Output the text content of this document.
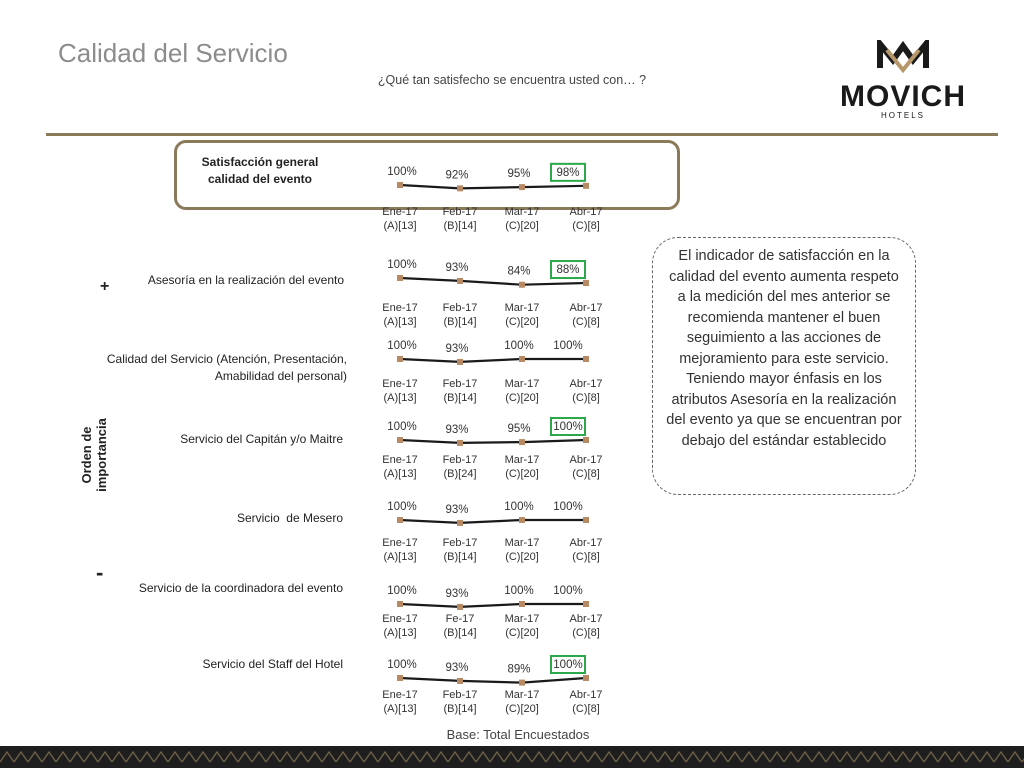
Calidad del Servicio
¿Qué tan satisfecho se encuentra usted con… ?	MOVICH
HOTELS
Satisfacción general calidad del evento
Asesoría en la realización del evento
Calidad del Servicio (Atención, Presentación, Amabilidad del personal)
Servicio del Capitán y/o Maitre
Servicio  de Mesero
Servicio de la coordinadora del evento
Servicio del Staff del Hotel
Orden de importancia
+
-
100%
Ene-17
(A)[13]
92%
Feb-17
(B)[14]
95%
Mar-17
(C)[20]
98%
Abr-17
(C)[8]
100%
Ene-17
(A)[13]
93%
Feb-17
(B)[14]
84%
Mar-17
(C)[20]
88%
Abr-17
(C)[8]
100%
Ene-17
(A)[13]
93%
Feb-17
(B)[14]
100%
Mar-17
(C)[20]
100%
Abr-17
(C)[8]
100%
Ene-17
(A)[13]
93%
Feb-17
(B)[24]
95%
Mar-17
(C)[20]
100%
Abr-17
(C)[8]
100%
Ene-17
(A)[13]
93%
Feb-17
(B)[14]
100%
Mar-17
(C)[20]
100%
Abr-17
(C)[8]
100%
Ene-17
(A)[13]
93%
Fe-17
(B)[14]
100%
Mar-17
(C)[20]
100%
Abr-17
(C)[8]
100%
Ene-17
(A)[13]
93%
Feb-17
(B)[14]
89%
Mar-17
(C)[20]
100%
Abr-17
(C)[8]
El indicador de satisfacción en la calidad del evento aumenta respeto a la medición del mes anterior se recomienda mantener el buen seguimiento a las acciones de mejoramiento para este servicio. Teniendo mayor énfasis en los atributos Asesoría en la realización del evento ya que se encuentran por debajo del estándar establecido
Base: Total Encuestados
